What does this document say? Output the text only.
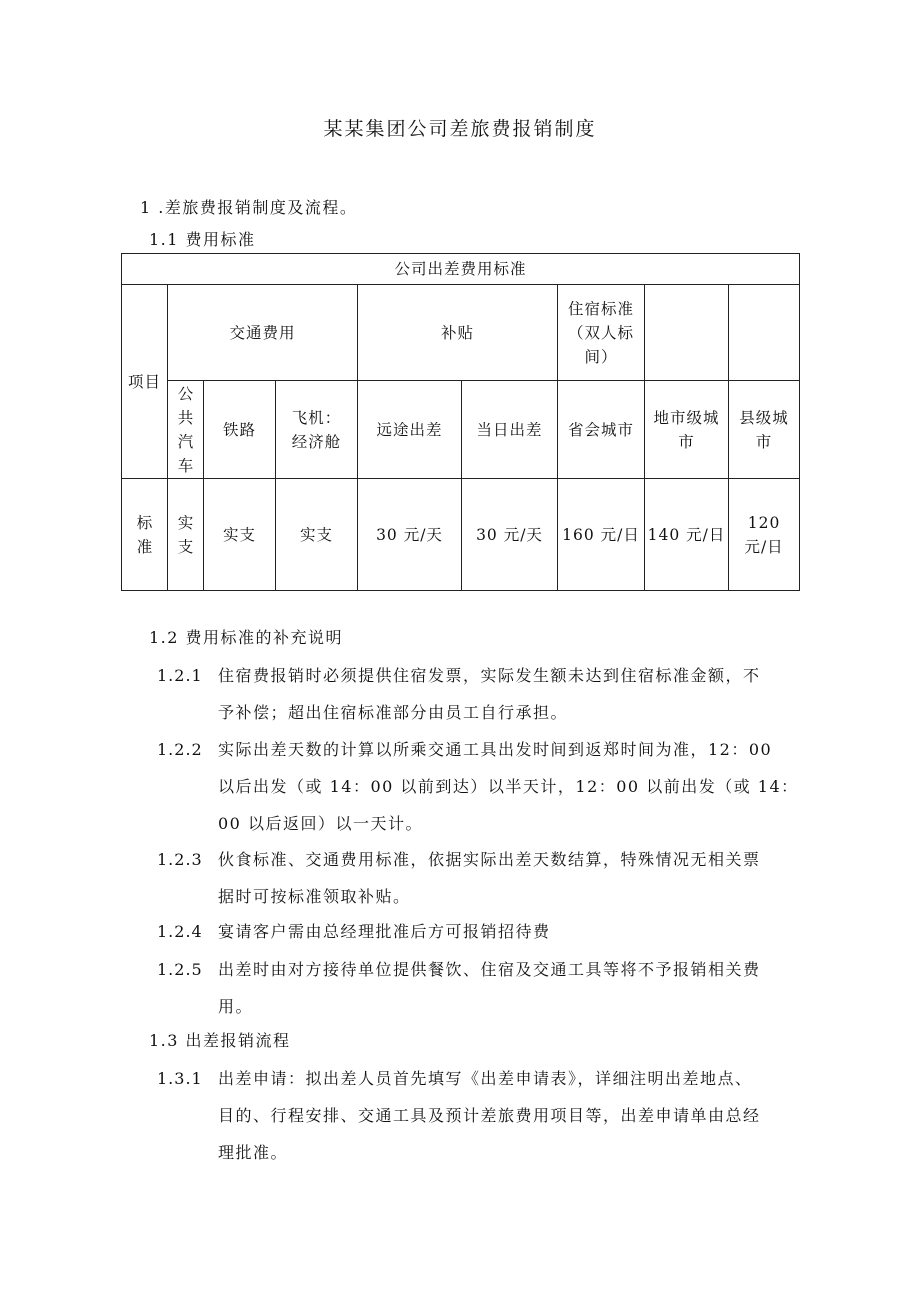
某某集团公司差旅费报销制度
1 .差旅费报销制度及流程。
1.1 费用标准
公司出差费用标准								
项目	交通费用			补贴		住宿标准（双人标间）		
	公共汽车	铁路	飞机：经济舱	远途出差	当日出差	省会城市	地市级城市	县级城市
标准	实支	实支	实支	30 元/天	30 元/天	160 元/日	140 元/日	120 元/日
1.2 费用标准的补充说明
1.2.1 住宿费报销时必须提供住宿发票，实际发生额未达到住宿标准金额，不
予补偿；超出住宿标准部分由员工自行承担。
1.2.2 实际出差天数的计算以所乘交通工具出发时间到返郑时间为准，12：00
以后出发（或 14：00 以前到达）以半天计，12：00 以前出发（或 14：
00 以后返回）以一天计。
1.2.3 伙食标准、交通费用标准，依据实际出差天数结算，特殊情况无相关票
据时可按标准领取补贴。
1.2.4 宴请客户需由总经理批准后方可报销招待费
1.2.5 出差时由对方接待单位提供餐饮、住宿及交通工具等将不予报销相关费
用。
1.3 出差报销流程
1.3.1 出差申请：拟出差人员首先填写《出差申请表》，详细注明出差地点、
目的、行程安排、交通工具及预计差旅费用项目等，出差申请单由总经
理批准。
